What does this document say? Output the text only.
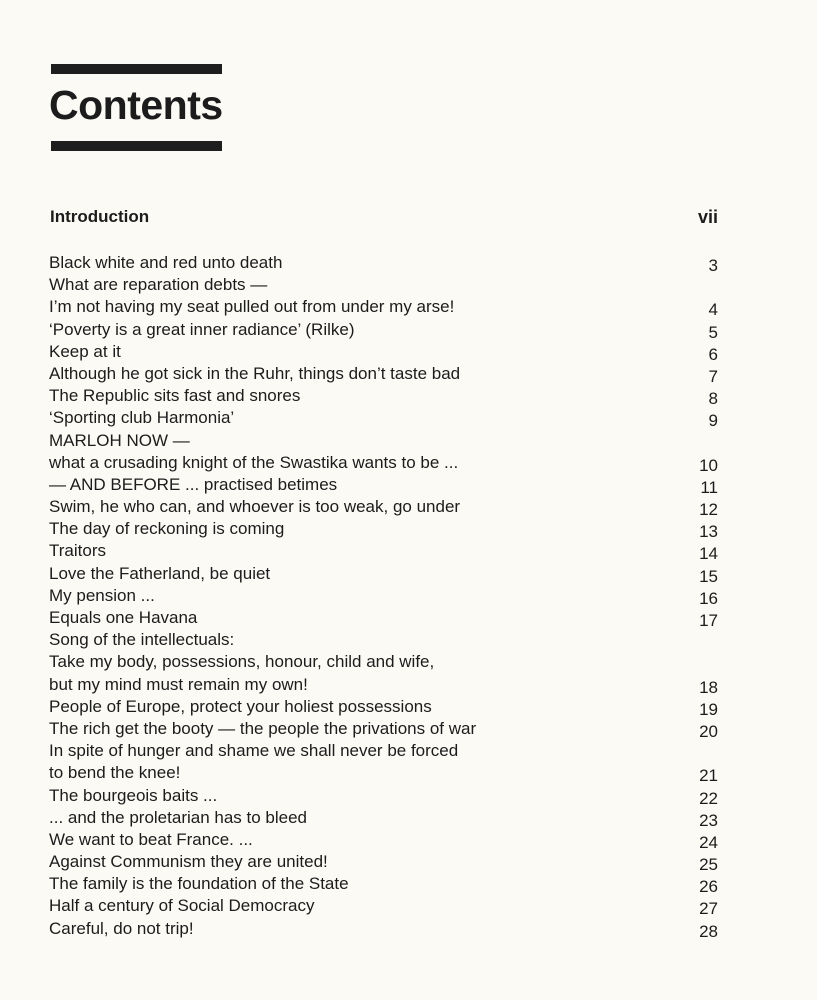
Contents
Introduction	vii
Black white and red unto death	3
What are reparation debts —
I’m not having my seat pulled out from under my arse!	4
‘Poverty is a great inner radiance’ (Rilke)	5
Keep at it	6
Although he got sick in the Ruhr, things don’t taste bad	7
The Republic sits fast and snores	8
‘Sporting club Harmonia’	9
MARLOH NOW —
what a crusading knight of the Swastika wants to be ...	10
— AND BEFORE ... practised betimes	11
Swim, he who can, and whoever is too weak, go under	12
The day of reckoning is coming	13
Traitors	14
Love the Fatherland, be quiet	15
My pension ...	16
Equals one Havana	17
Song of the intellectuals:
Take my body, possessions, honour, child and wife,
but my mind must remain my own!	18
People of Europe, protect your holiest possessions	19
The rich get the booty — the people the privations of war	20
In spite of hunger and shame we shall never be forced
to bend the knee!	21
The bourgeois baits ...	22
... and the proletarian has to bleed	23
We want to beat France. ...	24
Against Communism they are united!	25
The family is the foundation of the State	26
Half a century of Social Democracy	27
Careful, do not trip!	28
